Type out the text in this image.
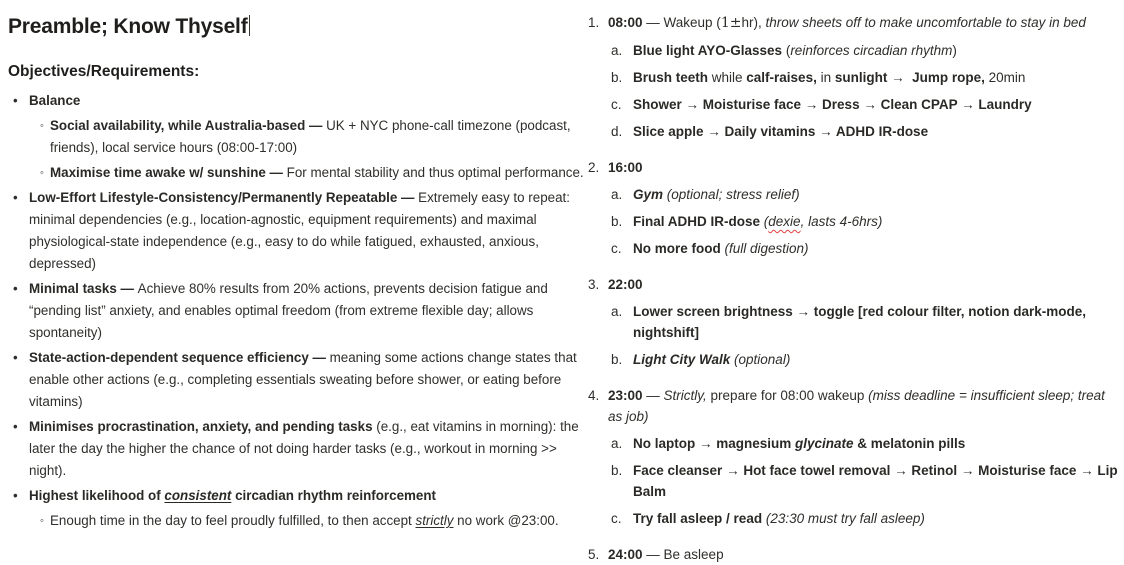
Preamble; Know Thyself
Objectives/Requirements:
• Balance
◦ Social availability, while Australia-based — UK + NYC phone-call timezone (podcast, friends), local service hours (08:00-17:00)
◦ Maximise time awake w/ sunshine — For mental stability and thus optimal performance.
• Low-Effort Lifestyle-Consistency/Permanently Repeatable — Extremely easy to repeat: minimal dependencies (e.g., location-agnostic, equipment requirements) and maximal physiological-state independence (e.g., easy to do while fatigued, exhausted, anxious, depressed)
• Minimal tasks — Achieve 80% results from 20% actions, prevents decision fatigue and “pending list” anxiety, and enables optimal freedom (from extreme flexible day; allows spontaneity)
• State-action-dependent sequence efficiency — meaning some actions change states that enable other actions (e.g., completing essentials sweating before shower, or eating before vitamins)
• Minimises procrastination, anxiety, and pending tasks (e.g., eat vitamins in morning): the later the day the higher the chance of not doing harder tasks (e.g., workout in morning >> night).
• Highest likelihood of consistent circadian rhythm reinforcement
◦ Enough time in the day to feel proudly fulfilled, to then accept strictly no work @23:00.
1. 08:00 — Wakeup (1±hr), throw sheets off to make uncomfortable to stay in bed
a. Blue light AYO-Glasses (reinforces circadian rhythm)
b. Brush teeth while calf-raises, in sunlight →  Jump rope, 20min
c. Shower → Moisturise face → Dress → Clean CPAP → Laundry
d. Slice apple → Daily vitamins → ADHD IR-dose
2. 16:00
a. Gym (optional; stress relief)
b. Final ADHD IR-dose (dexie, lasts 4-6hrs)
c. No more food (full digestion)
3. 22:00
a. Lower screen brightness → toggle [red colour filter, notion dark-mode, nightshift]
b. Light City Walk (optional)
4. 23:00 — Strictly, prepare for 08:00 wakeup (miss deadline = insufficient sleep; treat as job)
a. No laptop → magnesium glycinate & melatonin pills
b. Face cleanser → Hot face towel removal → Retinol → Moisturise face → Lip Balm
c. Try fall asleep / read (23:30 must try fall asleep)
5. 24:00 — Be asleep
